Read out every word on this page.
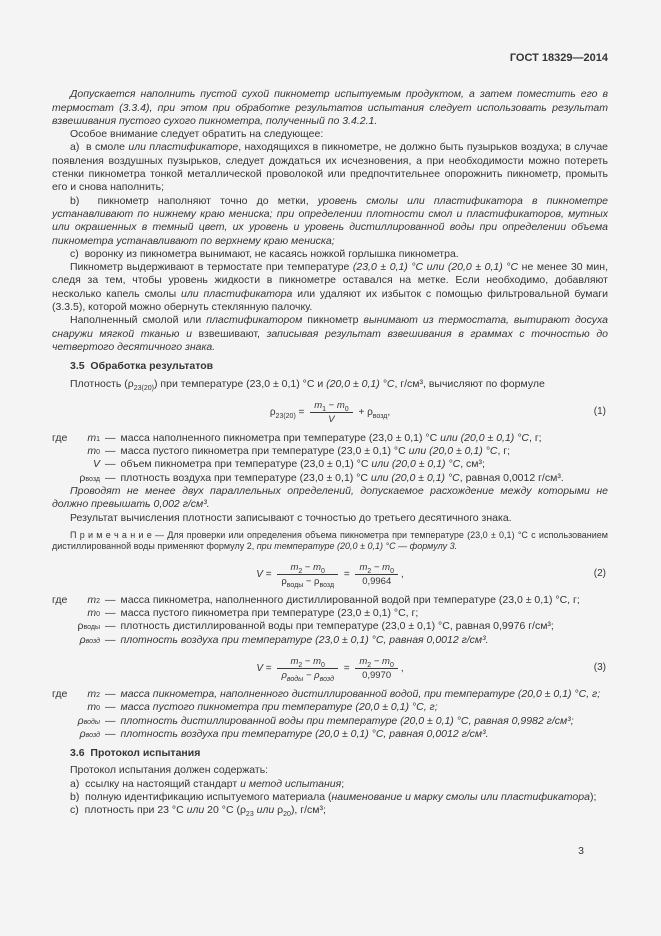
ГОСТ 18329—2014
Допускается наполнить пустой сухой пикнометр испытуемым продуктом, а затем поместить его в термостат (3.3.4), при этом при обработке результатов испытания следует использовать результат взвешивания пустого сухого пикнометра, полученный по 3.4.2.1.
Особое внимание следует обратить на следующее:
a)  в смоле или пластификаторе, находящихся в пикнометре, не должно быть пузырьков воздуха; в случае появления воздушных пузырьков, следует дождаться их исчезновения, а при необходимости можно потереть стенки пикнометра тонкой металлической проволокой или предпочтительнее опорожнить пикнометр, промыть его и снова наполнить;
b)  пикнометр наполняют точно до метки, уровень смолы или пластификатора в пикнометре устанавливают по нижнему краю мениска; при определении плотности смол и пластификаторов, мутных или окрашенных в темный цвет, их уровень и уровень дистиллированной воды при определении объема пикнометра устанавливают по верхнему краю мениска;
c)  воронку из пикнометра вынимают, не касаясь ножкой горлышка пикнометра.
Пикнометр выдерживают в термостате при температуре (23,0 ± 0,1) °С или (20,0 ± 0,1) °С не менее 30 мин, следя за тем, чтобы уровень жидкости в пикнометре оставался на метке. Если необходимо, добавляют несколько капель смолы или пластификатора или удаляют их избыток с помощью фильтровальной бумаги (3.3.5), которой можно обернуть стеклянную палочку.
Наполненный смолой или пластификатором пикнометр вынимают из термостата, вытирают досуха снаружи мягкой тканью и взвешивают, записывая результат взвешивания в граммах с точностью до четвертого десятичного знака.
3.5  Обработка результатов
Плотность $(\rho_{23(20)})$ при температуре (23,0 ± 0,1) °С и (20,0 ± 0,1) °С, г/см³, вычисляют по формуле
$\rho_{23(20)} = \frac{m_1 - m_0}{V} + \rho_{возд}$,	(1)
где m 1 — масса наполненного пикнометра при температуре (23,0 ± 0,1) °С или (20,0 ± 0,1) °С, г;
m 0 — масса пустого пикнометра при температуре (23,0 ± 0,1) °С или (20,0 ± 0,1) °С, г;
V — объем пикнометра при температуре (23,0 ± 0,1) °С или (20,0 ± 0,1) °С, см³;
ρ возд — плотность воздуха при температуре (23,0 ± 0,1) °С или (20,0 ± 0,1) °С, равная 0,0012 г/см³.
Проводят не менее двух параллельных определений, допускаемое расхождение между которыми не должно превышать 0,002 г/см³.
Результат вычисления плотности записывают с точностью до третьего десятичного знака.
П р и м е ч а н и е — Для проверки или определения объема пикнометра при температуре (23,0 ± 0,1) °С с использованием дистиллированной воды применяют формулу 2, при температуре (20,0 ± 0,1) °С — формулу 3.
$V = \frac{m_2 - m_0}{\rho_{воды} - \rho_{возд}} = \frac{m_2 - m_0}{0,9964}$ ,	(2)
где m 2 — масса пикнометра, наполненного дистиллированной водой при температуре (23,0 ± 0,1) °С, г;
m 0 — масса пустого пикнометра при температуре (23,0 ± 0,1) °С, г;
ρ воды — плотность дистиллированной воды при температуре (23,0 ± 0,1) °С, равная 0,9976 г/см³;
ρ возд — плотность воздуха при температуре (23,0 ± 0,1) °С, равная 0,0012 г/см³.
$V = \frac{m_2 - m_0}{\rho_{воды} - \rho_{возд}} = \frac{m_2 - m_0}{0,9970}$ ,	(3)
где m 2 — масса пикнометра, наполненного дистиллированной водой, при температуре (20,0 ± 0,1) °С, г;
m 0 — масса пустого пикнометра при температуре (20,0 ± 0,1) °С, г;
ρ воды — плотность дистиллированной воды при температуре (20,0 ± 0,1) °С, равная 0,9982 г/см³;
ρ возд — плотность воздуха при температуре (20,0 ± 0,1) °С, равная 0,0012 г/см³.
3.6  Протокол испытания
Протокол испытания должен содержать:
a)  ссылку на настоящий стандарт и метод испытания;
b)  полную идентификацию испытуемого материала (наименование и марку смолы или пластификатора);
c)  плотность при 23 °С или 20 °С ($\rho_{23}$ или $\rho_{20}$), г/см³;
3
